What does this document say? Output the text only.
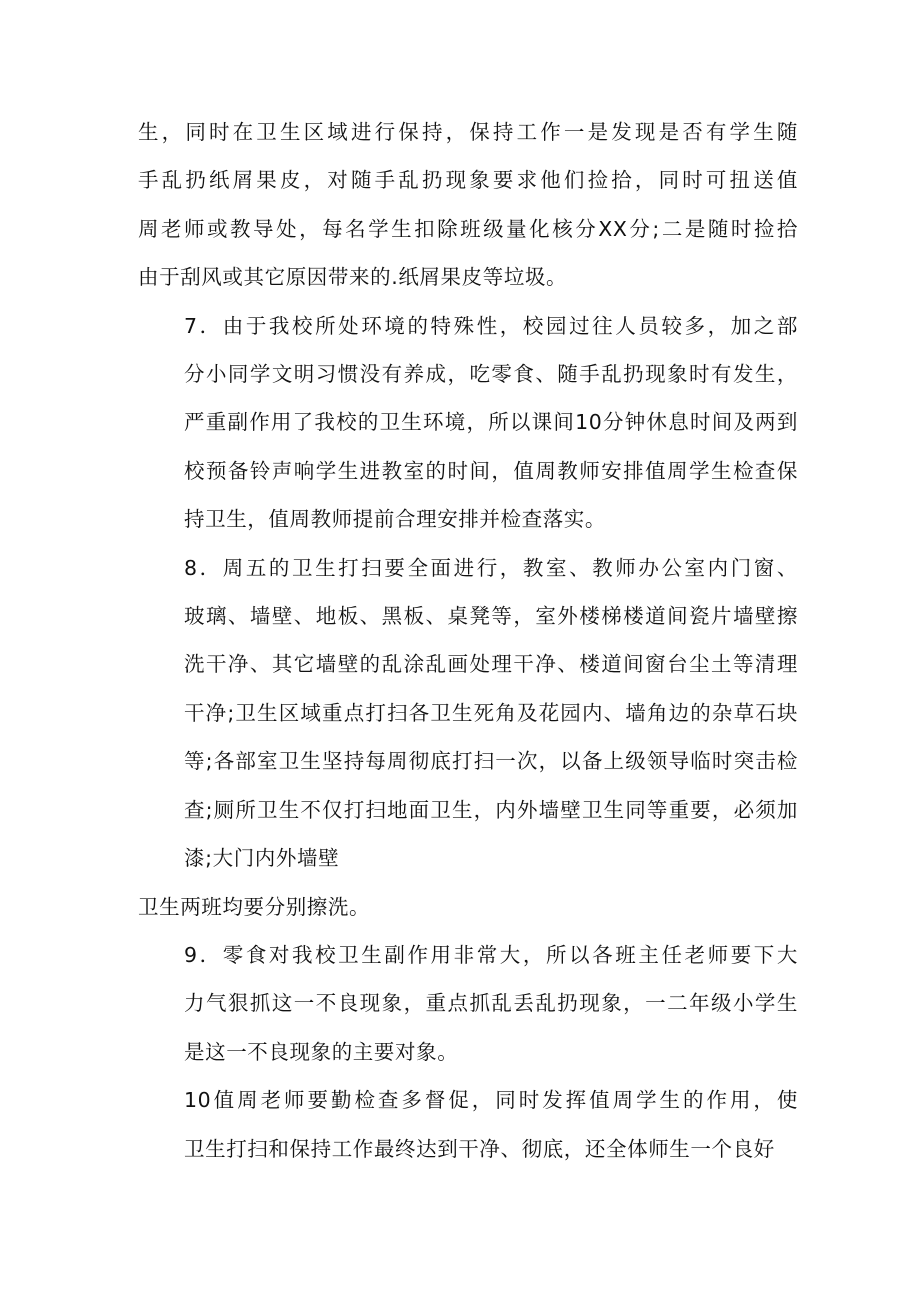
生，同时在卫生区域进行保持，保持工作一是发现是否有学生随
手乱扔纸屑果皮，对随手乱扔现象要求他们捡拾，同时可扭送值
周老师或教导处，每名学生扣除班级量化核分XX分;二是随时捡拾
由于刮风或其它原因带来的.纸屑果皮等垃圾。
7．由于我校所处环境的特殊性，校园过往人员较多，加之部
分小同学文明习惯没有养成，吃零食、随手乱扔现象时有发生，
严重副作用了我校的卫生环境，所以课间10分钟休息时间及两到
校预备铃声响学生进教室的时间，值周教师安排值周学生检查保
持卫生，值周教师提前合理安排并检查落实。
8．周五的卫生打扫要全面进行，教室、教师办公室内门窗、
玻璃、墙壁、地板、黑板、桌凳等，室外楼梯楼道间瓷片墙壁擦
洗干净、其它墙壁的乱涂乱画处理干净、楼道间窗台尘土等清理
干净;卫生区域重点打扫各卫生死角及花园内、墙角边的杂草石块
等;各部室卫生坚持每周彻底打扫一次，以备上级领导临时突击检
查;厕所卫生不仅打扫地面卫生，内外墙壁卫生同等重要，必须加
漆;大门内外墙壁
卫生两班均要分别擦洗。
9．零食对我校卫生副作用非常大，所以各班主任老师要下大
力气狠抓这一不良现象，重点抓乱丢乱扔现象，一二年级小学生
是这一不良现象的主要对象。
10值周老师要勤检查多督促，同时发挥值周学生的作用，使
卫生打扫和保持工作最终达到干净、彻底，还全体师生一个良好
